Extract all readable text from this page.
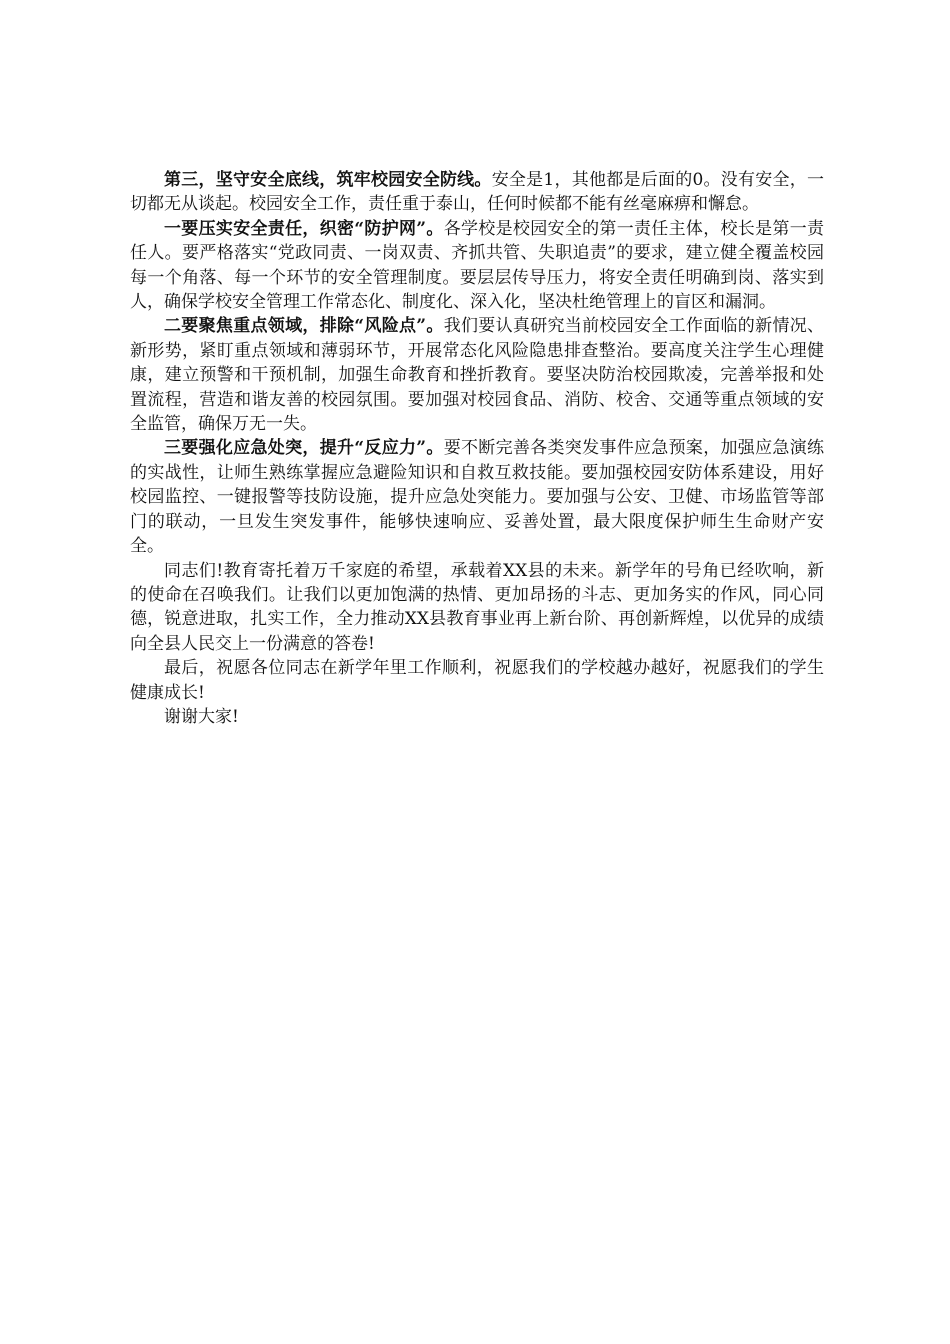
第三，坚守安全底线，筑牢校园安全防线。安全是1，其他都是后面的0。没有安全，一切都无从谈起。校园安全工作，责任重于泰山，任何时候都不能有丝毫麻痹和懈怠。

一要压实安全责任，织密“防护网”。各学校是校园安全的第一责任主体，校长是第一责任人。要严格落实“党政同责、一岗双责、齐抓共管、失职追责”的要求，建立健全覆盖校园每一个角落、每一个环节的安全管理制度。要层层传导压力，将安全责任明确到岗、落实到人，确保学校安全管理工作常态化、制度化、深入化，坚决杜绝管理上的盲区和漏洞。

二要聚焦重点领域，排除“风险点”。我们要认真研究当前校园安全工作面临的新情况、新形势，紧盯重点领域和薄弱环节，开展常态化风险隐患排查整治。要高度关注学生心理健康，建立预警和干预机制，加强生命教育和挫折教育。要坚决防治校园欺凌，完善举报和处置流程，营造和谐友善的校园氛围。要加强对校园食品、消防、校舍、交通等重点领域的安全监管，确保万无一失。

三要强化应急处突，提升“反应力”。要不断完善各类突发事件应急预案，加强应急演练的实战性，让师生熟练掌握应急避险知识和自救互救技能。要加强校园安防体系建设，用好校园监控、一键报警等技防设施，提升应急处突能力。要加强与公安、卫健、市场监管等部门的联动，一旦发生突发事件，能够快速响应、妥善处置，最大限度保护师生生命财产安全。

同志们!教育寄托着万千家庭的希望，承载着XX县的未来。新学年的号角已经吹响，新的使命在召唤我们。让我们以更加饱满的热情、更加昂扬的斗志、更加务实的作风，同心同德，锐意进取，扎实工作，全力推动XX县教育事业再上新台阶、再创新辉煌，以优异的成绩向全县人民交上一份满意的答卷!

最后，祝愿各位同志在新学年里工作顺利，祝愿我们的学校越办越好，祝愿我们的学生健康成长!

谢谢大家!
